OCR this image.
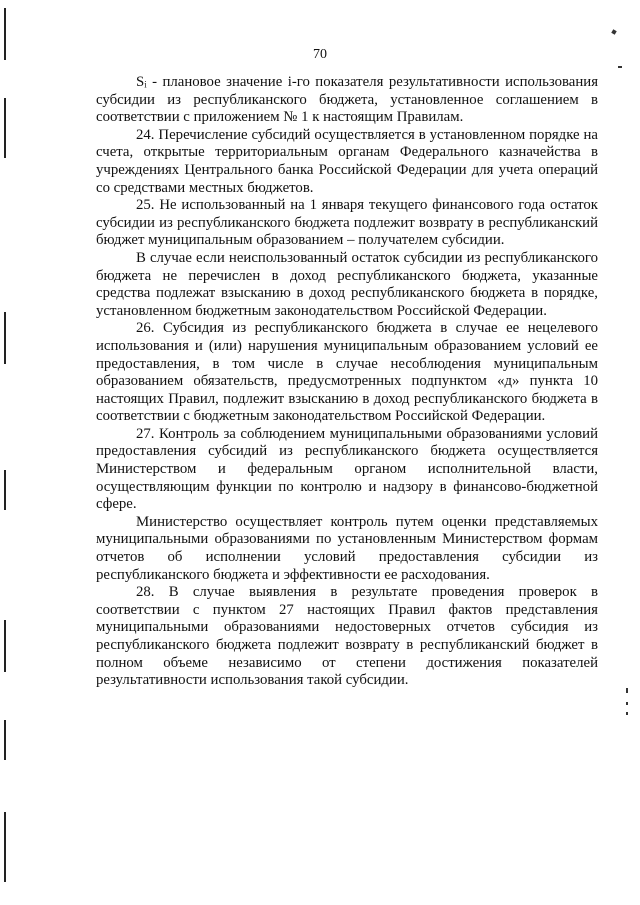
70

Sᵢ - плановое значение i-го показателя результативности использования субсидии из республиканского бюджета, установленное соглашением в соответствии с приложением № 1 к настоящим Правилам.

24. Перечисление субсидий осуществляется в установленном порядке на счета, открытые территориальным органам Федерального казначейства в учреждениях Центрального банка Российской Федерации для учета операций со средствами местных бюджетов.

25. Не использованный на 1 января текущего финансового года остаток субсидии из республиканского бюджета подлежит возврату в республиканский бюджет муниципальным образованием – получателем субсидии.

В случае если неиспользованный остаток субсидии из республиканского бюджета не перечислен в доход республиканского бюджета, указанные средства подлежат взысканию в доход республиканского бюджета в порядке, установленном бюджетным законодательством Российской Федерации.

26. Субсидия из республиканского бюджета в случае ее нецелевого использования и (или) нарушения муниципальным образованием условий ее предоставления, в том числе в случае несоблюдения муниципальным образованием обязательств, предусмотренных подпунктом «д» пункта 10 настоящих Правил, подлежит взысканию в доход республиканского бюджета в соответствии с бюджетным законодательством Российской Федерации.

27. Контроль за соблюдением муниципальными образованиями условий предоставления субсидий из республиканского бюджета осуществляется Министерством и федеральным органом исполнительной власти, осуществляющим функции по контролю и надзору в финансово-бюджетной сфере.

Министерство осуществляет контроль путем оценки представляемых муниципальными образованиями по установленным Министерством формам отчетов об исполнении условий предоставления субсидии из республиканского бюджета и эффективности ее расходования.

28. В случае выявления в результате проведения проверок в соответствии с пунктом 27 настоящих Правил фактов представления муниципальными образованиями недостоверных отчетов субсидия из республиканского бюджета подлежит возврату в республиканский бюджет в полном объеме независимо от степени достижения показателей результативности использования такой субсидии.
